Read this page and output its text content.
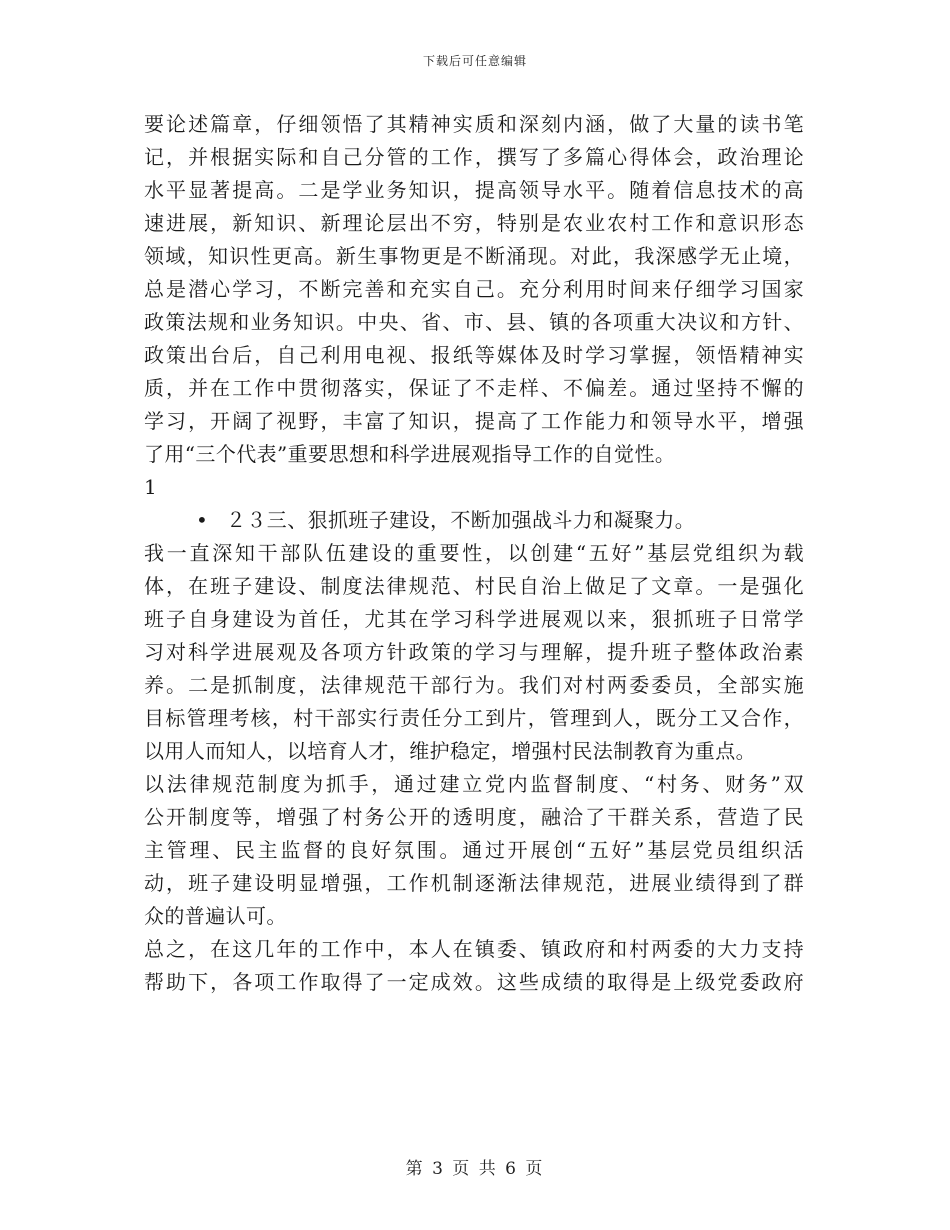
下载后可任意编辑
要论述篇章，仔细领悟了其精神实质和深刻内涵，做了大量的读书笔
记，并根据实际和自己分管的工作，撰写了多篇心得体会，政治理论
水平显著提高。二是学业务知识，提高领导水平。随着信息技术的高
速进展，新知识、新理论层出不穷，特别是农业农村工作和意识形态
领域，知识性更高。新生事物更是不断涌现。对此，我深感学无止境，
总是潜心学习，不断完善和充实自己。充分利用时间来仔细学习国家
政策法规和业务知识。中央、省、市、县、镇的各项重大决议和方针、
政策出台后，自己利用电视、报纸等媒体及时学习掌握，领悟精神实
质，并在工作中贯彻落实，保证了不走样、不偏差。通过坚持不懈的
学习，开阔了视野，丰富了知识，提高了工作能力和领导水平，增强
了用“三个代表”重要思想和科学进展观指导工作的自觉性。
1
• ２３三、狠抓班子建设，不断加强战斗力和凝聚力。
我一直深知干部队伍建设的重要性，以创建“五好”基层党组织为载
体，在班子建设、制度法律规范、村民自治上做足了文章。一是强化
班子自身建设为首任，尤其在学习科学进展观以来，狠抓班子日常学
习对科学进展观及各项方针政策的学习与理解，提升班子整体政治素
养。二是抓制度，法律规范干部行为。我们对村两委委员，全部实施
目标管理考核，村干部实行责任分工到片，管理到人，既分工又合作，
以用人而知人，以培育人才，维护稳定，增强村民法制教育为重点。
以法律规范制度为抓手，通过建立党内监督制度、“村务、财务”双
公开制度等，增强了村务公开的透明度，融洽了干群关系，营造了民
主管理、民主监督的良好氛围。通过开展创“五好”基层党员组织活
动，班子建设明显增强，工作机制逐渐法律规范，进展业绩得到了群
众的普遍认可。
总之，在这几年的工作中，本人在镇委、镇政府和村两委的大力支持
帮助下，各项工作取得了一定成效。这些成绩的取得是上级党委政府
第 3 页 共 6 页
